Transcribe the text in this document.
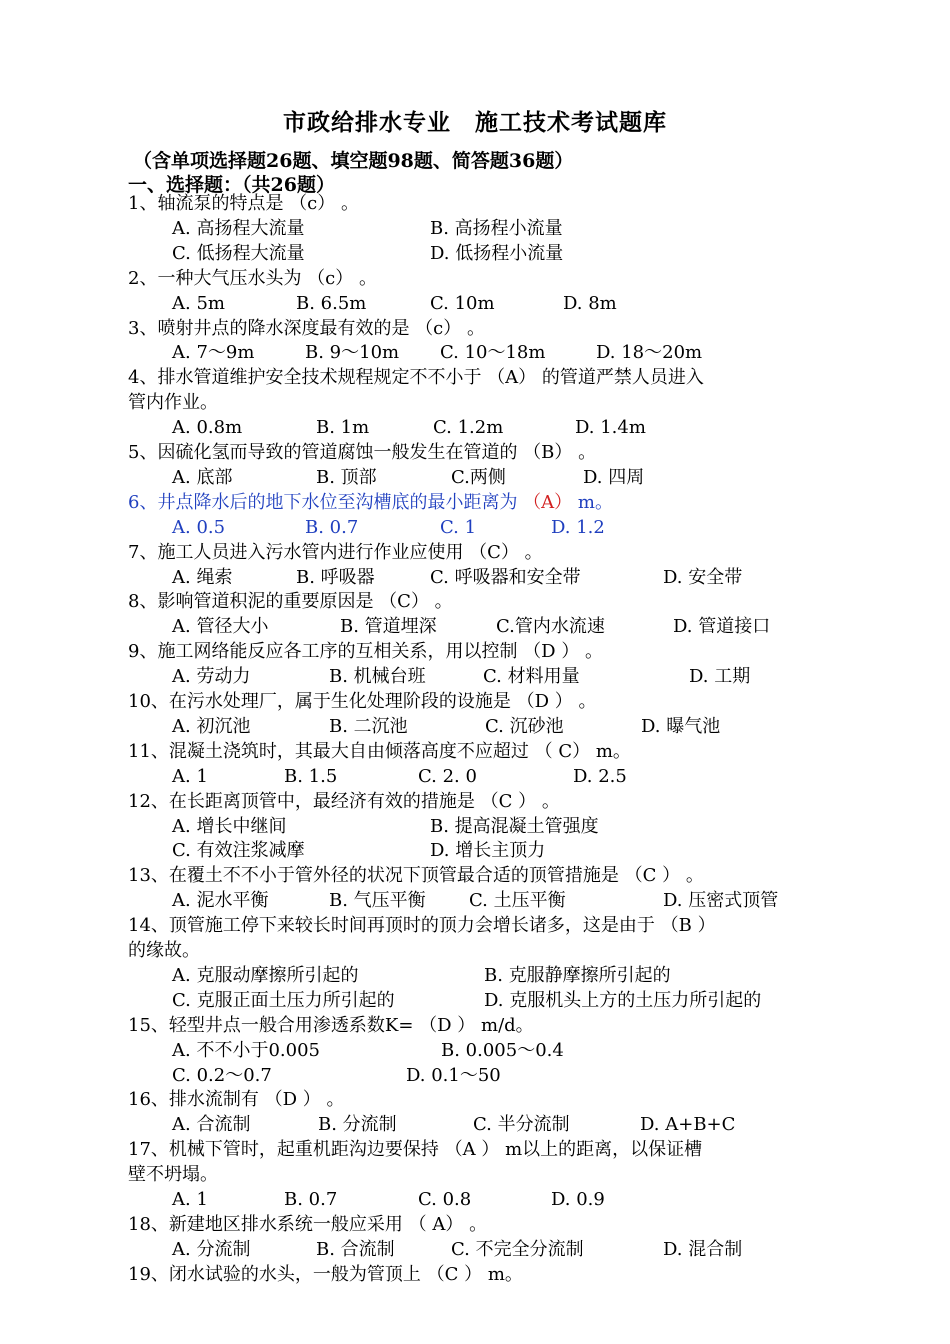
市政给排水专业　施工技术考试题库
（含单项选择题26题、填空题98题、简答题36题）
一、选择题：（共26题）
1、轴流泵的特点是 （c） 。
A. 高扬程大流量	B. 高扬程小流量
C. 低扬程大流量	D. 低扬程小流量
2、一种大气压水头为 （c） 。
A. 5m	B. 6.5m	C. 10m	D. 8m
3、喷射井点的降水深度最有效的是 （c） 。
A. 7～9m	B. 9～10m C. 10～18m	D. 18～20m
4、排水管道维护安全技术规程规定不不小于 （A） 的管道严禁人员进入
管内作业。
A. 0.8m	B. 1m	C. 1.2m	D. 1.4m
5、因硫化氢而导致的管道腐蚀一般发生在管道的 （B） 。
A. 底部	B. 顶部	C.两侧	D. 四周
6、井点降水后的地下水位至沟槽底的最小距离为 （A） m。
A. 0.5	B. 0.7	C. 1	D. 1.2
7、施工人员进入污水管内进行作业应使用 （C） 。
A. 绳索	B. 呼吸器	C. 呼吸器和安全带	D. 安全带
8、影响管道积泥的重要原因是 （C） 。
A. 管径大小	B. 管道埋深	C.管内水流速	D. 管道接口
9、施工网络能反应各工序的互相关系，用以控制 （D ） 。
A. 劳动力	B. 机械台班	C. 材料用量	D. 工期
10、在污水处理厂，属于生化处理阶段的设施是 （D ） 。
A. 初沉池	B. 二沉池	C. 沉砂池	D. 曝气池
11、混凝土浇筑时，其最大自由倾落高度不应超过 （ C） m。
A. 1	B. 1.5	C. 2. 0	D. 2.5
12、在长距离顶管中，最经济有效的措施是 （C ） 。
A. 增长中继间	B. 提高混凝土管强度
C. 有效注浆减摩	D. 增长主顶力
13、在覆土不不小于管外径的状况下顶管最合适的顶管措施是 （C ） 。
A. 泥水平衡	B. 气压平衡 C. 土压平衡	D. 压密式顶管
14、顶管施工停下来较长时间再顶时的顶力会增长诸多，这是由于 （B ）
的缘故。
A. 克服动摩擦所引起的	B. 克服静摩擦所引起的
C. 克服正面土压力所引起的	D. 克服机头上方的土压力所引起的
15、轻型井点一般合用渗透系数K= （D ） m/d。
A. 不不小于0.005	B. 0.005～0.4
C. 0.2～0.7	D. 0.1～50
16、排水流制有 （D ） 。
A. 合流制	B. 分流制	C. 半分流制	D. A+B+C
17、机械下管时，起重机距沟边要保持 （A ） m以上的距离，以保证槽
壁不坍塌。
A. 1	B. 0.7	C. 0.8	D. 0.9
18、新建地区排水系统一般应采用 （ A） 。
A. 分流制	B. 合流制	C. 不完全分流制	D. 混合制
19、闭水试验的水头，一般为管顶上 （C ） m。
